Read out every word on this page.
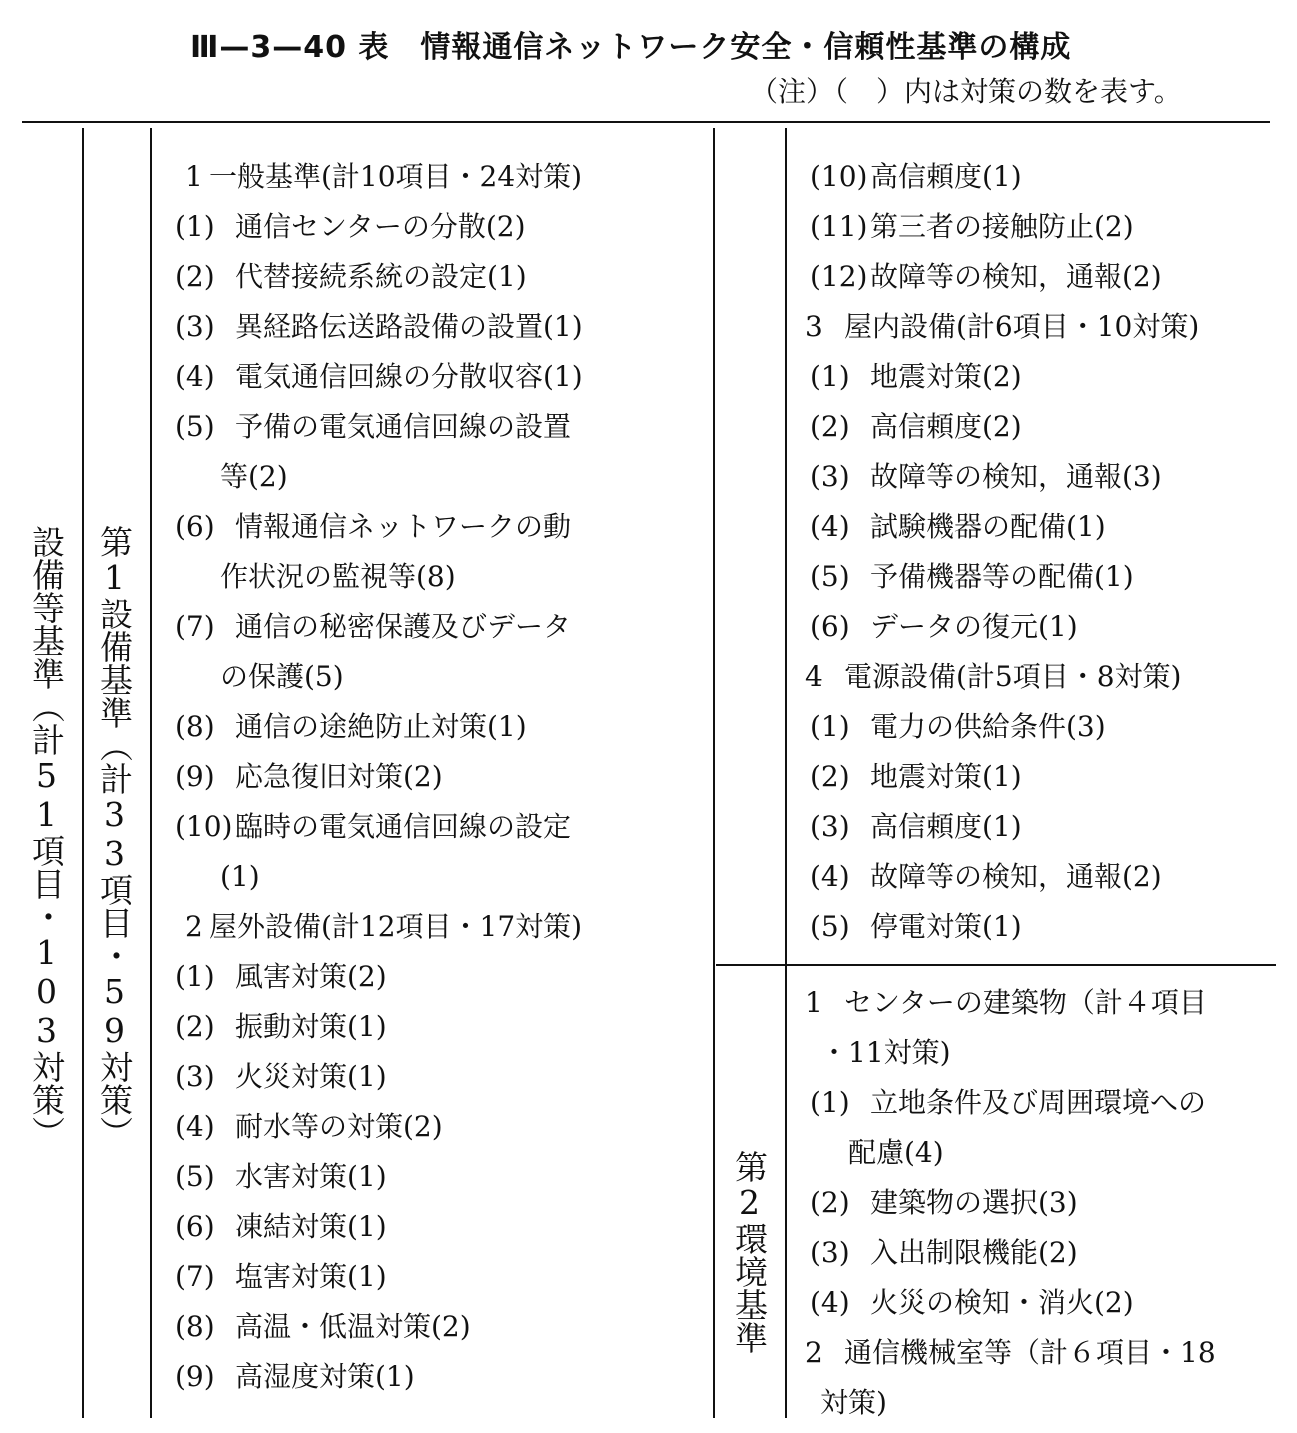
Ⅲ—3—40 表　情報通信ネットワーク安全・信頼性基準の構成
（注）（　）内は対策の数を表す。
設備等基準（計51項目・103対策） 第1設備基準（計33項目・59対策）
第2環境基準
1 一般基準(計10項目・24対策)
(1) 通信センターの分散(2)
(2) 代替接続系統の設定(1)
(3) 異経路伝送路設備の設置(1)
(4) 電気通信回線の分散収容(1)
(5) 予備の電気通信回線の設置
等(2)
(6) 情報通信ネットワークの動
作状況の監視等(8)
(7) 通信の秘密保護及びデータ
の保護(5)
(8) 通信の途絶防止対策(1)
(9) 応急復旧対策(2)
(10)臨時の電気通信回線の設定
(1)
2 屋外設備(計12項目・17対策)
(1) 風害対策(2)
(2) 振動対策(1)
(3) 火災対策(1)
(4) 耐水等の対策(2)
(5) 水害対策(1)
(6) 凍結対策(1)
(7) 塩害対策(1)
(8) 高温・低温対策(2)
(9) 高湿度対策(1)
(10)高信頼度(1)
(11)第三者の接触防止(2)
(12)故障等の検知，通報(2)
3 屋内設備(計6項目・10対策)
(1) 地震対策(2)
(2) 高信頼度(2)
(3) 故障等の検知，通報(3)
(4) 試験機器の配備(1)
(5) 予備機器等の配備(1)
(6) データの復元(1)
4 電源設備(計5項目・8対策)
(1) 電力の供給条件(3)
(2) 地震対策(1)
(3) 高信頼度(1)
(4) 故障等の検知，通報(2)
(5) 停電対策(1)
1 センターの建築物（計４項目
・11対策)
(1) 立地条件及び周囲環境への
配慮(4)
(2) 建築物の選択(3)
(3) 入出制限機能(2)
(4) 火災の検知・消火(2)
2 通信機械室等（計６項目・18
対策)
